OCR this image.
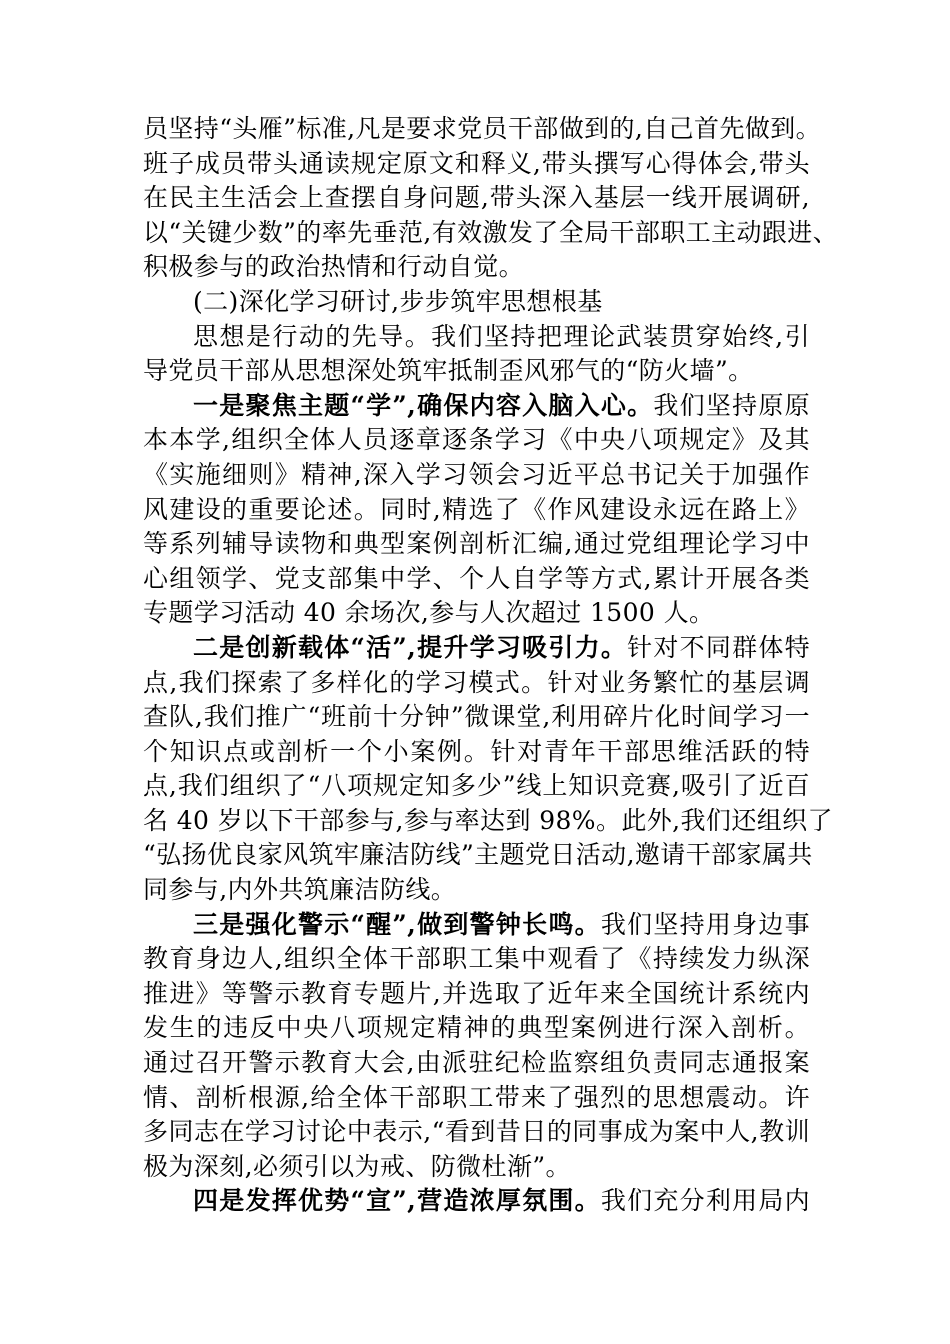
员坚持“头雁”标准,凡是要求党员干部做到的,自己首先做到。
班子成员带头通读规定原文和释义,带头撰写心得体会,带头
在民主生活会上查摆自身问题,带头深入基层一线开展调研,
以“关键少数”的率先垂范,有效激发了全局干部职工主动跟进、
积极参与的政治热情和行动自觉。
(二)深化学习研讨,步步筑牢思想根基
思想是行动的先导。我们坚持把理论武装贯穿始终,引
导党员干部从思想深处筑牢抵制歪风邪气的“防火墙”。
一是聚焦主题“学”,确保内容入脑入心。我们坚持原原
本本学,组织全体人员逐章逐条学习《中央八项规定》及其
《实施细则》精神,深入学习领会习近平总书记关于加强作
风建设的重要论述。同时,精选了《作风建设永远在路上》
等系列辅导读物和典型案例剖析汇编,通过党组理论学习中
心组领学、党支部集中学、个人自学等方式,累计开展各类
专题学习活动 40 余场次,参与人次超过 1500 人。
二是创新载体“活”,提升学习吸引力。针对不同群体特
点,我们探索了多样化的学习模式。针对业务繁忙的基层调
查队,我们推广“班前十分钟”微课堂,利用碎片化时间学习一
个知识点或剖析一个小案例。针对青年干部思维活跃的特
点,我们组织了“八项规定知多少”线上知识竞赛,吸引了近百
名 40 岁以下干部参与,参与率达到 98%。此外,我们还组织了
“弘扬优良家风筑牢廉洁防线”主题党日活动,邀请干部家属共
同参与,内外共筑廉洁防线。
三是强化警示“醒”,做到警钟长鸣。我们坚持用身边事
教育身边人,组织全体干部职工集中观看了《持续发力纵深
推进》等警示教育专题片,并选取了近年来全国统计系统内
发生的违反中央八项规定精神的典型案例进行深入剖析。
通过召开警示教育大会,由派驻纪检监察组负责同志通报案
情、剖析根源,给全体干部职工带来了强烈的思想震动。许
多同志在学习讨论中表示,“看到昔日的同事成为案中人,教训
极为深刻,必须引以为戒、防微杜渐”。
四是发挥优势“宣”,营造浓厚氛围。我们充分利用局内
